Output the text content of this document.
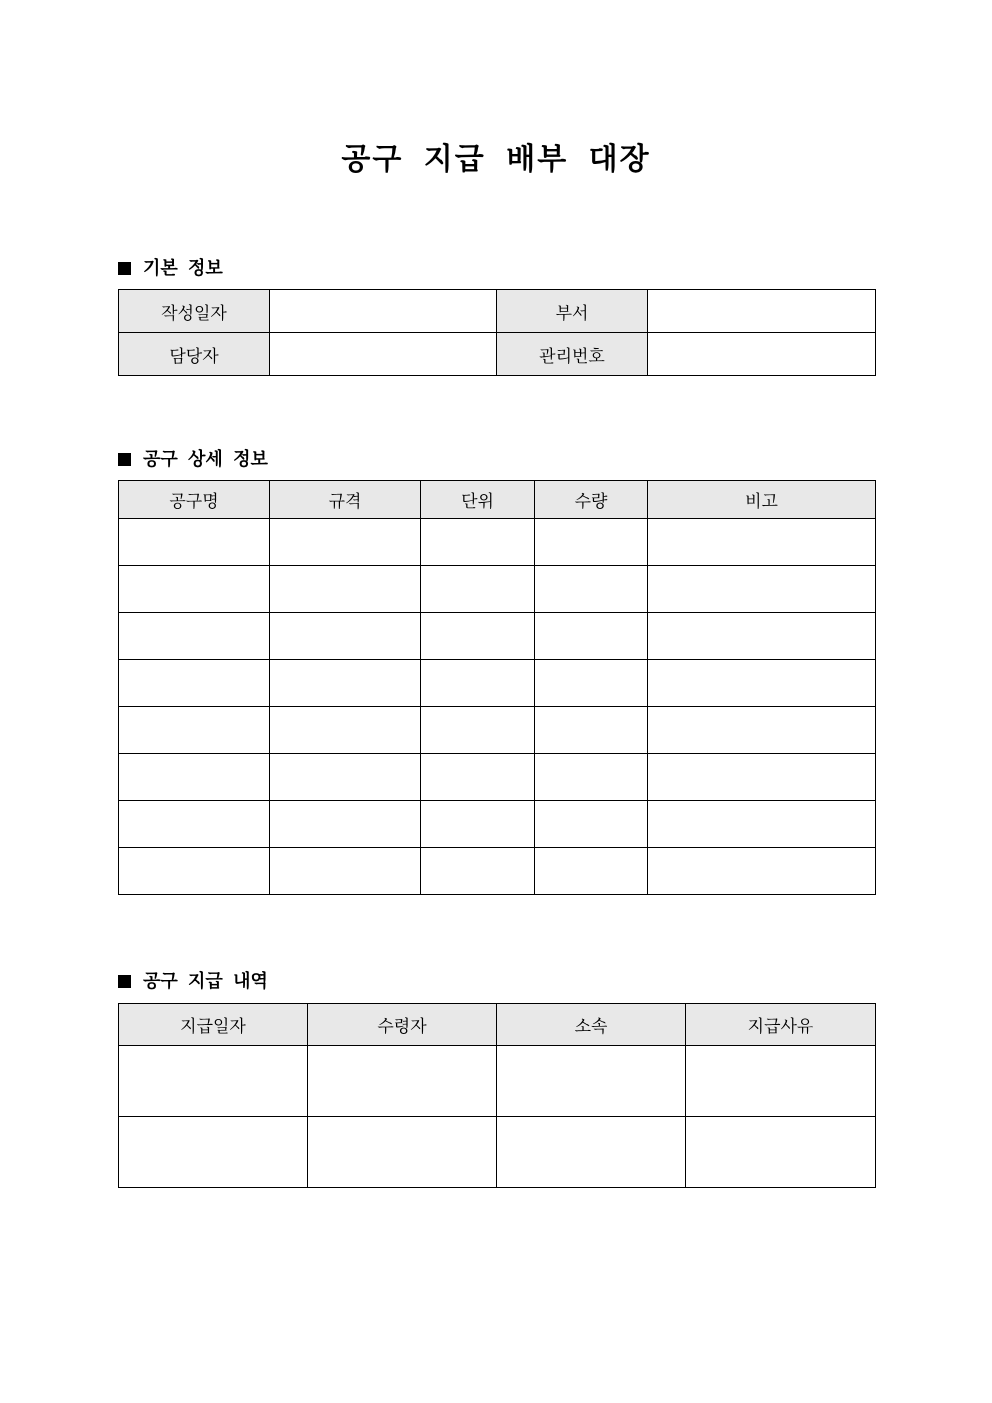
공구 지급 배부 대장
기본 정보
작성일자		부서	
담당자		관리번호	
공구 상세 정보
공구명	규격	단위	수량	비고

공구 지급 내역
지급일자	수령자	소속	지급사유
